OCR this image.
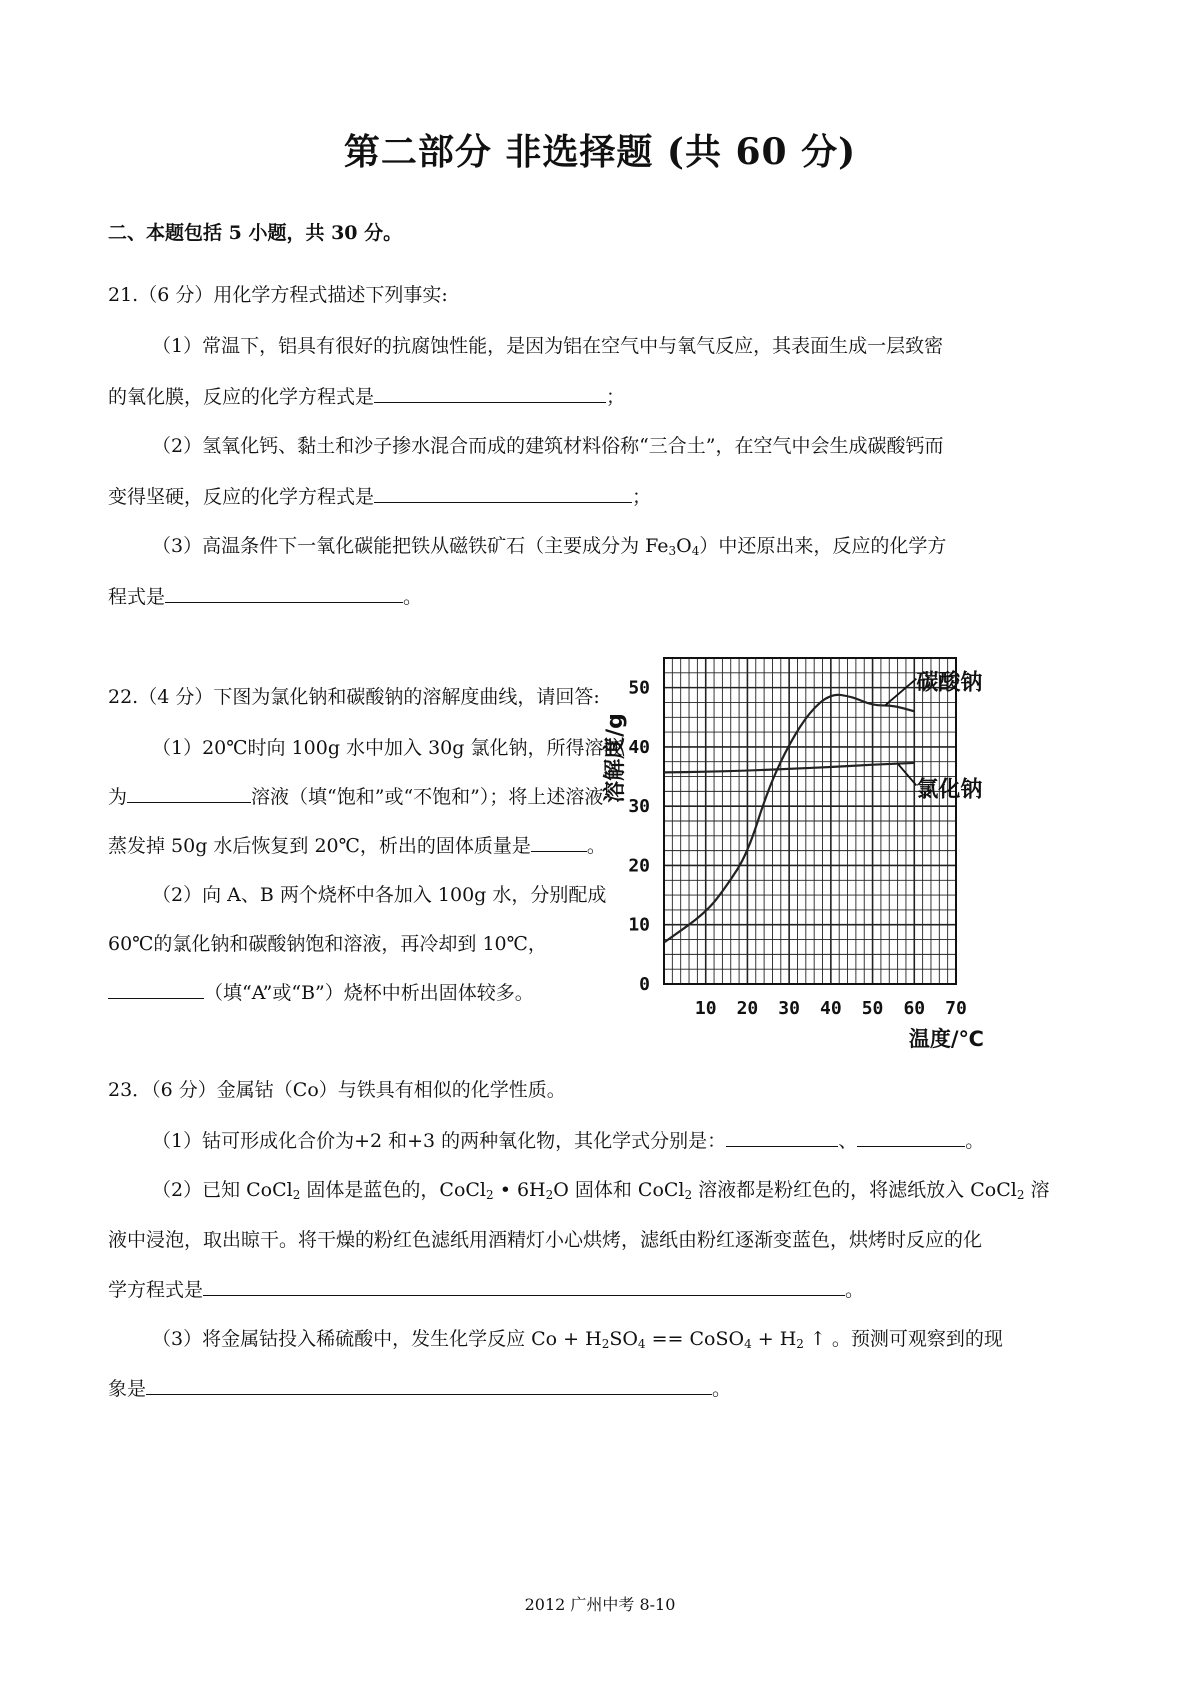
第二部分 非选择题 (共 60 分)
二、本题包括 5 小题，共 30 分。
21.（6 分）用化学方程式描述下列事实:
（1）常温下，铝具有很好的抗腐蚀性能，是因为铝在空气中与氧气反应，其表面生成一层致密
的氧化膜，反应的化学方程式是	；
（2）氢氧化钙、黏土和沙子掺水混合而成的建筑材料俗称“三合土”，在空气中会生成碳酸钙而
变得坚硬，反应的化学方程式是	；
（3）高温条件下一氧化碳能把铁从磁铁矿石（主要成分为 $Fe_3O_4$）中还原出来，反应的化学方
程式是	。
22.（4 分）下图为氯化钠和碳酸钠的溶解度曲线，请回答:
（1）20℃时向 100g 水中加入 30g 氯化钠，所得溶液
为	溶液（填“饱和”或“不饱和”）；将上述溶液
蒸发掉 50g 水后恢复到 20℃，析出的固体质量是	。
（2）向 A、B 两个烧杯中各加入 100g 水，分别配成
60℃的氯化钠和碳酸钠饱和溶液，再冷却到 10℃，
（填“A”或“B”）烧杯中析出固体较多。	0
10
20
30
40
50
10 20 30 40 50 60 70
碳酸钠
氯化钠
溶解度/g
温度/℃
23．（6 分）金属钴（Co）与铁具有相似的化学性质。
（1）钴可形成化合价为+2 和+3 的两种氧化物，其化学式分别是：	、	。
（2）已知 CoCl$_2$ 固体是蓝色的，CoCl$_2$ • $6H_2O$ 固体和 CoCl$_2$ 溶液都是粉红色的，将滤纸放入 CoCl$_2$ 溶
液中浸泡，取出晾干。将干燥的粉红色滤纸用酒精灯小心烘烤，滤纸由粉红逐渐变蓝色，烘烤时反应的化
学方程式是	。
（3）将金属钴投入稀硫酸中，发生化学反应 $Co + H_2SO_4$ == CoSO$_4$ + $H_2$ ↑ 。预测可观察到的现
象是	。
2012 广州中考 8-10
